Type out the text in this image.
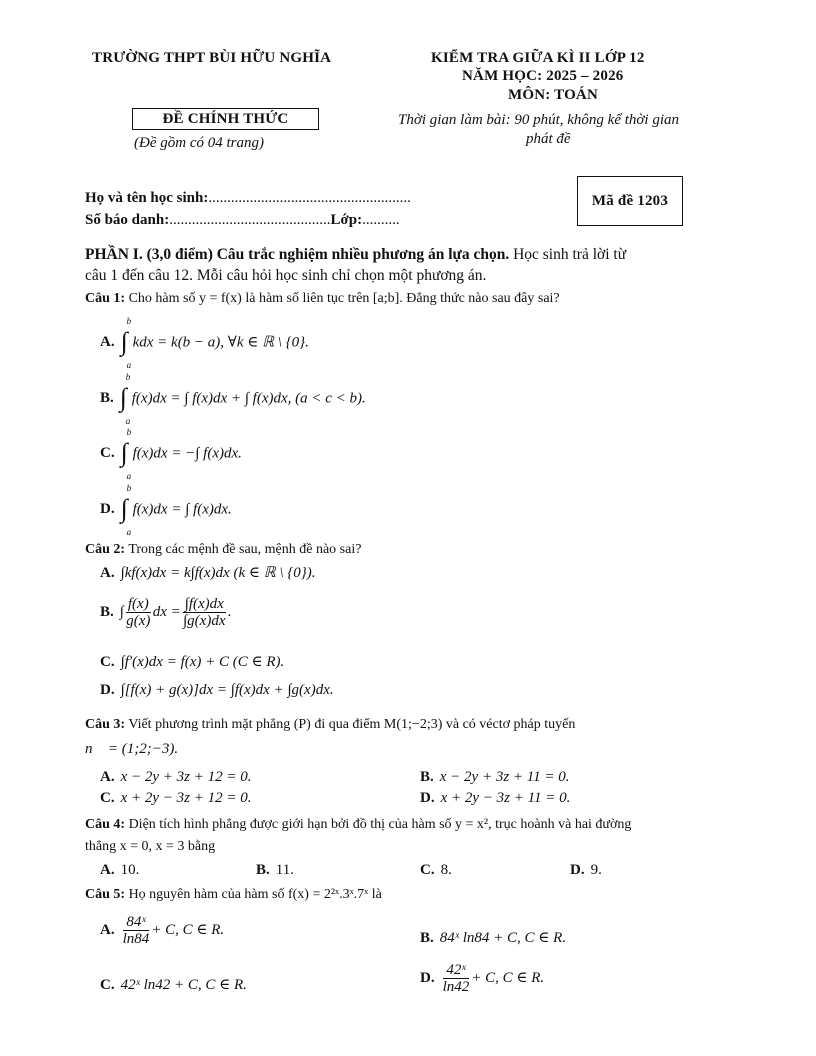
TRƯỜNG THPT BÙI HỮU NGHĨA	KIỂM TRA GIỮA KÌ II LỚP 12
NĂM HỌC: 2025 – 2026
MÔN: TOÁN
ĐỀ CHÍNH THỨC
(Đề gồm có 04 trang)
Thời gian làm bài: 90 phút, không kể thời gian
phát đề
Họ và tên học sinh:......................................................
Số báo danh:...........................................Lớp:..........
Mã đề 1203
PHẦN I. (3,0 điểm) Câu trắc nghiệm nhiều phương án lựa chọn. Học sinh trả lời từ
câu 1 đến câu 12. Mỗi câu hỏi học sinh chỉ chọn một phương án.
Câu 1: Cho hàm số y = f(x) là hàm số liên tục trên [a;b]. Đẳng thức nào sau đây sai?
A. ∫
b
a
kdx = k(b − a), ∀k ∈ ℝ \ {0}.
B. ∫
b
a
f(x)dx = ∫ f(x)dx + ∫ f(x)dx, (a < c < b).
C. ∫
b
a
f(x)dx = −∫ f(x)dx.
D. ∫
b
a
f(x)dx = ∫ f(x)dx.
Câu 2: Trong các mệnh đề sau, mệnh đề nào sai?
A. ∫kf(x)dx = k∫f(x)dx (k ∈ ℝ \ {0}).
B. ∫ $\frac{f(x)}{g(x)}$ dx = $\frac{\int f(x)dx}{\int g(x)dx}$ .
C. ∫f′(x)dx = f(x) + C (C ∈ R).
D. ∫[f(x) + g(x)]dx = ∫f(x)dx + ∫g(x)dx.
Câu 3: Viết phương trình mặt phẳng (P) đi qua điểm M(1;−2;3) và có véctơ pháp tuyến
n⃗ = (1;2;−3).
A. x − 2y + 3z + 12 = 0.	B. x − 2y + 3z + 11 = 0.
C. x + 2y − 3z + 12 = 0.	D. x + 2y − 3z + 11 = 0.
Câu 4: Diện tích hình phẳng được giới hạn bởi đồ thị của hàm số y = x², trục hoành và hai đường
thẳng x = 0, x = 3 bằng
A. 10.	B. 11.	C. 8.	D. 9.
Câu 5: Họ nguyên hàm của hàm số f(x) = 2²ˣ.3ˣ.7ˣ là
A. $\frac{\text{84ˣ}}{\ln 84} + C$, C ∈ R.
B. 84ˣ ln84 + C, C ∈ R.
C. 42ˣ ln42 + C, C ∈ R.	D. $\frac{\text{42ˣ}}{\ln 42} + C$, C ∈ R.
